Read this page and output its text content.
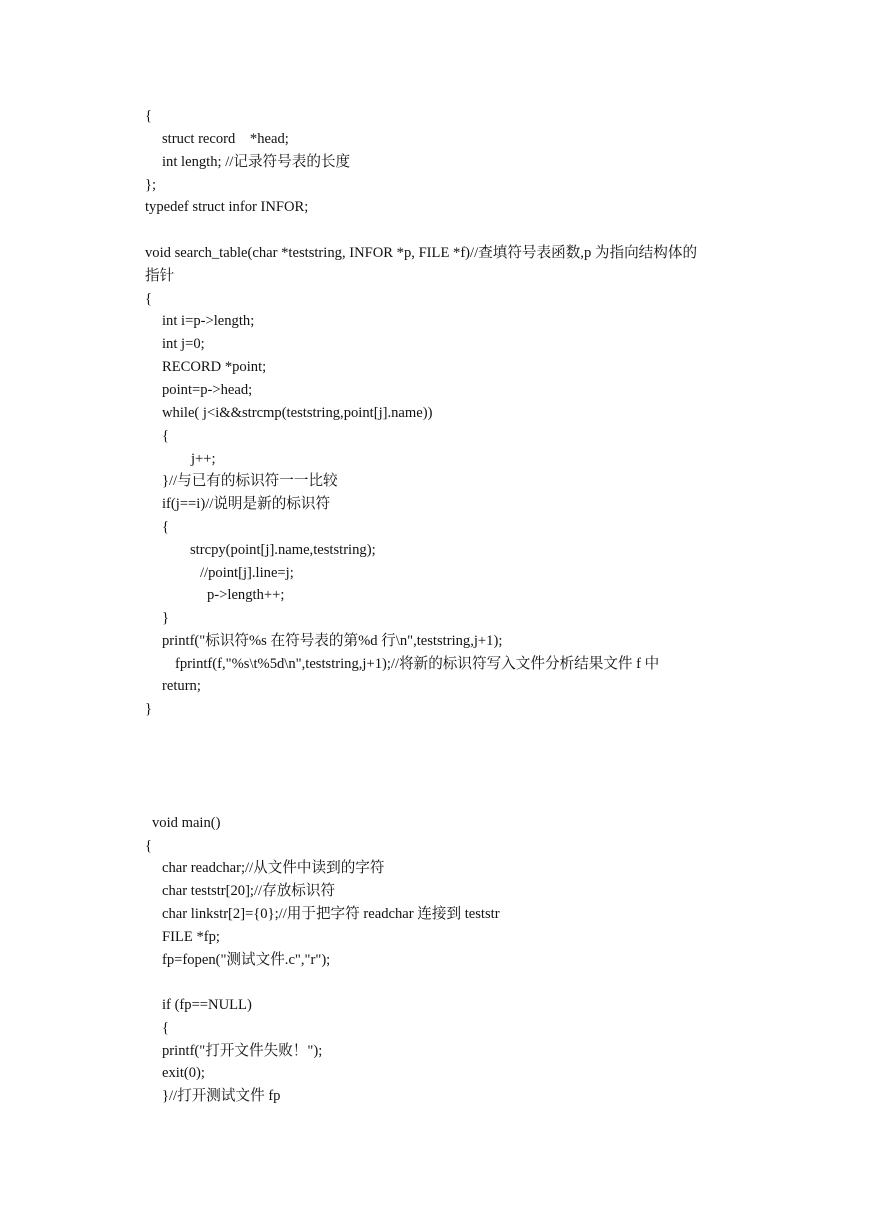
{
struct record    *head;
int length; //记录符号表的长度
};
typedef struct infor INFOR;
void search_table(char *teststring, INFOR *p, FILE *f)//查填符号表函数,p 为指向结构体的
指针
{
int i=p->length;
int j=0;
RECORD *point;
point=p->head;
while( j<i&&strcmp(teststring,point[j].name))
{
j++;
}//与已有的标识符一一比较
if(j==i)//说明是新的标识符
{
strcpy(point[j].name,teststring);
//point[j].line=j;
p->length++;
}
printf("标识符%s 在符号表的第%d 行\n",teststring,j+1);
fprintf(f,"%s\t%5d\n",teststring,j+1);//将新的标识符写入文件分析结果文件 f 中
return;
}
void main()
{
char readchar;//从文件中读到的字符
char teststr[20];//存放标识符
char linkstr[2]={0};//用于把字符 readchar 连接到 teststr
FILE *fp;
fp=fopen("测试文件.c","r");
if (fp==NULL)
{
printf("打开文件失败！");
exit(0);
}//打开测试文件 fp
